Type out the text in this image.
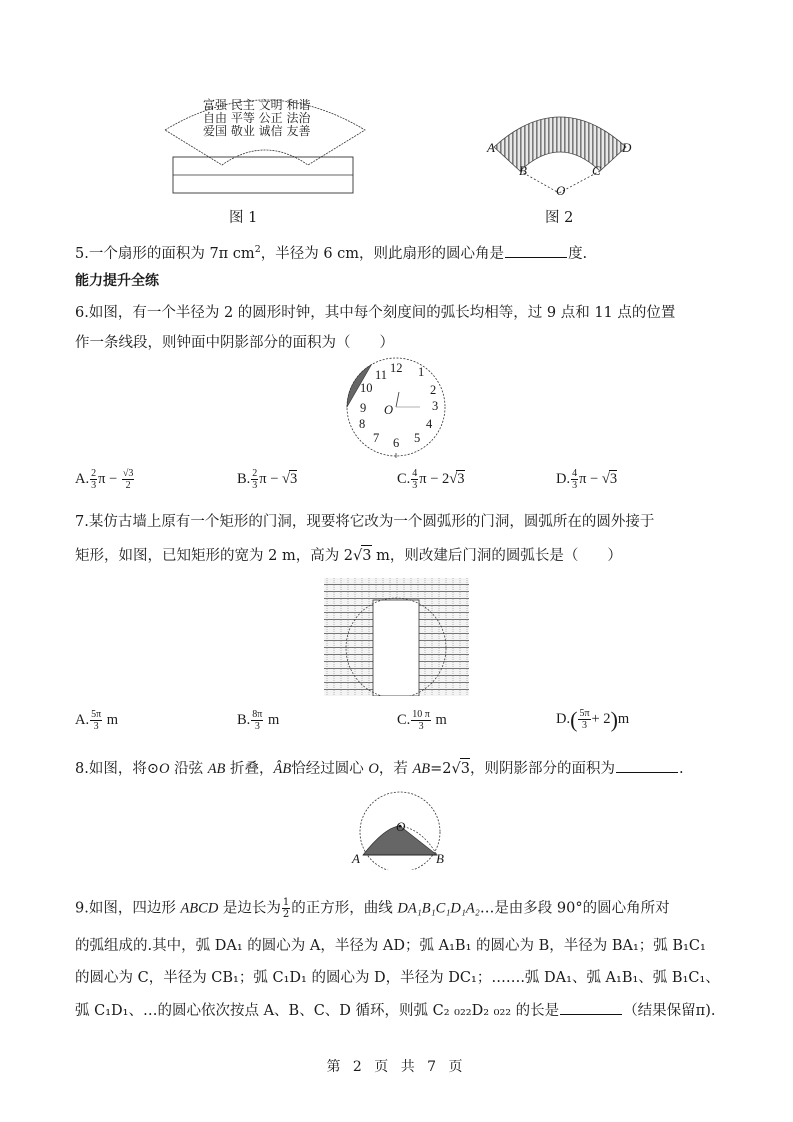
富强 民主 文明 和谐
自由 平等 公正 法治
爱国 敬业 诚信 友善
图 1
A
B	C
D
O
图 2
5.一个扇形的面积为 7π $cm^2$，半径为 6 cm，则此扇形的圆心角是	度.
能力提升全练
6.如图，有一个半径为 2 的圆形时钟，其中每个刻度间的弧长均相等，过 9 点和 11 点的位置
作一条线段，则钟面中阴影部分的面积为（　　）
12 1
2
3
4
5
6
7
8
9
10
11
O
A. $\frac{2}{3}$ $\pi - \frac{√3}{2}$	B. $\frac{2}{3}$ π − √3	C. $\frac{4}{3}$ π − 2√3	D. $\frac{4}{3}$ π − √3
7.某仿古墙上原有一个矩形的门洞，现要将它改为一个圆弧形的门洞，圆弧所在的圆外接于
矩形，如图，已知矩形的宽为 2 m，高为 2√3 m，则改建后门洞的圆弧长是（　　）
A. $\frac{5\pi}{3}$ m	B. $\frac{8\pi}{3}$ m	C. $\frac{10 \pi}{3}$ m	$D.( \frac{5\pi}{3} + 2)m$
8.如图，将⊙O 沿弦 AB 折叠，ÂB恰经过圆心 O，若 AB=2√3，则阴影部分的面积为	.
O
A	B
9.如图，四边形 ABCD 是边长为 $\frac{1}{2}$ 的正方形，曲线 DA₁B₁C₁D₁A₂…是由多段 90°的圆心角所对
的弧组成的.其中，弧 DA₁ 的圆心为 A，半径为 AD；弧 A₁B₁ 的圆心为 B，半径为 BA₁；弧 B₁C₁
的圆心为 C，半径为 CB₁；弧 C₁D₁ 的圆心为 D，半径为 DC₁；…….弧 DA₁、弧 A₁B₁、弧 B₁C₁、
弧 C₁D₁、…的圆心依次按点 A、B、C、D 循环，则弧 C₂ ₀₂₂D₂ ₀₂₂ 的长是	（结果保留π).
第 2 页 共 7 页
